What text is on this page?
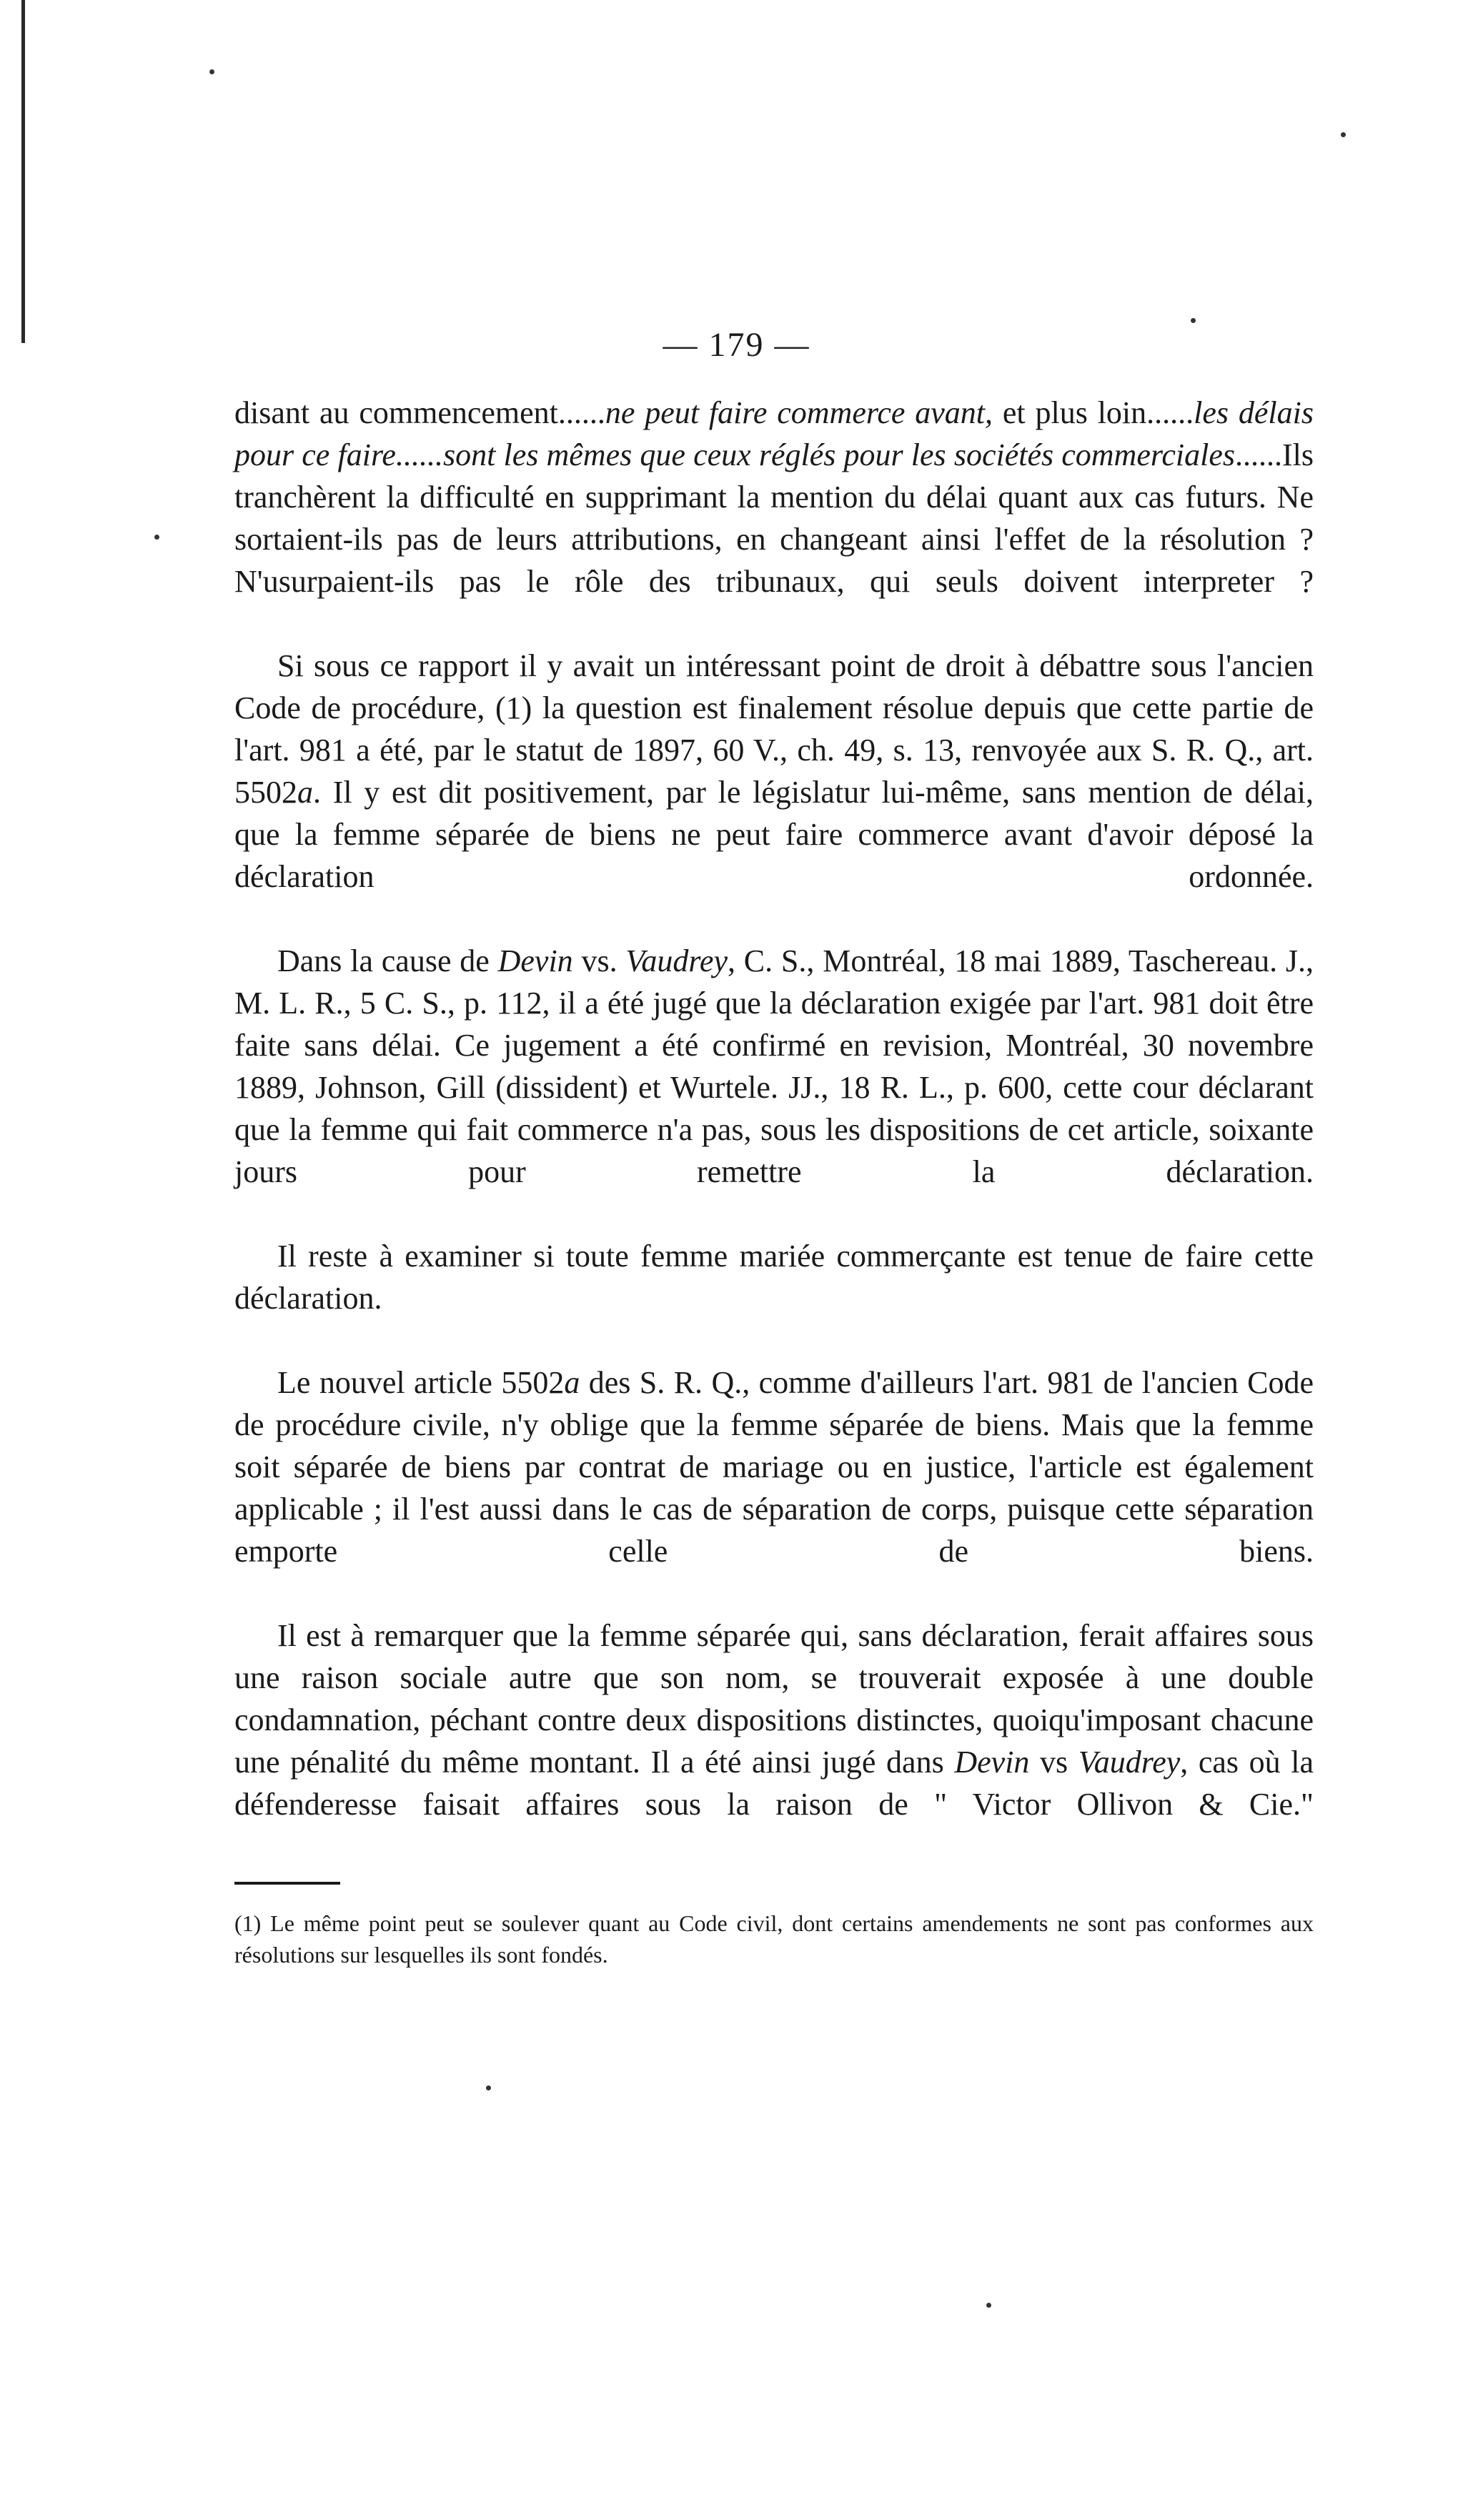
— 179 —

disant au commencement......ne peut faire commerce avant, et plus loin......les délais pour ce faire......sont les mêmes que ceux réglés pour les sociétés commerciales......Ils tranchèrent la difficulté en supprimant la mention du délai quant aux cas futurs. Ne sortaient-ils pas de leurs attributions, en changeant ainsi l'effet de la résolution ? N'usurpaient-ils pas le rôle des tribunaux, qui seuls doivent interpreter ?

Si sous ce rapport il y avait un intéressant point de droit à débattre sous l'ancien Code de procédure, (1) la question est finalement résolue depuis que cette partie de l'art. 981 a été, par le statut de 1897, 60 V., ch. 49, s. 13, renvoyée aux S. R. Q., art. 5502a. Il y est dit positivement, par le législatur lui-même, sans mention de délai, que la femme séparée de biens ne peut faire commerce avant d'avoir déposé la déclaration ordonnée.

Dans la cause de Devin vs. Vaudrey, C. S., Montréal, 18 mai 1889, Taschereau. J., M. L. R., 5 C. S., p. 112, il a été jugé que la déclaration exigée par l'art. 981 doit être faite sans délai. Ce jugement a été confirmé en revision, Montréal, 30 novembre 1889, Johnson, Gill (dissident) et Wurtele. JJ., 18 R. L., p. 600, cette cour déclarant que la femme qui fait commerce n'a pas, sous les dispositions de cet article, soixante jours pour remettre la déclaration.

Il reste à examiner si toute femme mariée commerçante est tenue de faire cette déclaration.

Le nouvel article 5502a des S. R. Q., comme d'ailleurs l'art. 981 de l'ancien Code de procédure civile, n'y oblige que la femme séparée de biens. Mais que la femme soit séparée de biens par contrat de mariage ou en justice, l'article est également applicable ; il l'est aussi dans le cas de séparation de corps, puisque cette séparation emporte celle de biens.

Il est à remarquer que la femme séparée qui, sans déclaration, ferait affaires sous une raison sociale autre que son nom, se trouverait exposée à une double condamnation, péchant contre deux dispositions distinctes, quoiqu'imposant chacune une pénalité du même montant. Il a été ainsi jugé dans Devin vs Vaudrey, cas où la défenderesse faisait affaires sous la raison de " Victor Ollivon & Cie."

(1) Le même point peut se soulever quant au Code civil, dont certains amendements ne sont pas conformes aux résolutions sur lesquelles ils sont fondés.
